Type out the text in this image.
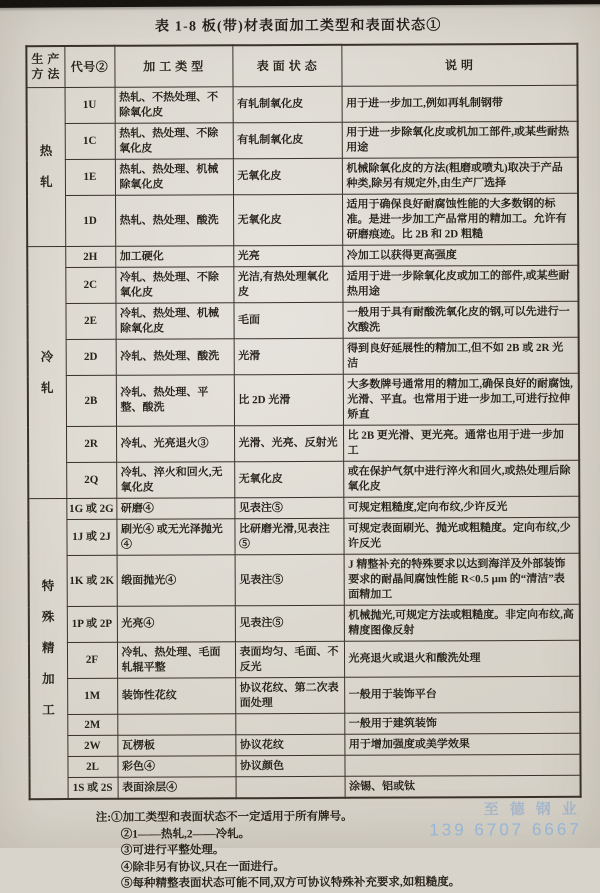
表 1-8 板(带)材表面加工类型和表面状态①
生 产 方 法	代号②	加 工 类 型	表 面 状 态	说 明

热
轧	1U	热轧、不热处理、不除氧化皮	有轧制氧化皮	用于进一步加工,例如再轧制钢带
	1C	热轧、热处理、不除氧化皮	有轧制氧化皮	用于进一步除氧化皮或机加工部件,或某些耐热用途
	1E	热轧、热处理、机械除氧化皮	无氧化皮	机械除氧化皮的方法(粗磨或喷丸)取决于产品种类,除另有规定外,由生产厂选择
	1D	热轧、热处理、酸洗	无氧化皮	适用于确保良好耐腐蚀性能的大多数钢的标准。是进一步加工产品常用的精加工。允许有研磨痕迹。比 2B 和 2D 粗糙

冷
轧	2H	加工硬化	光亮	冷加工以获得更高强度
	2C	冷轧、热处理、不除氧化皮	光洁,有热处理氧化皮	适用于进一步除氧化皮或加工的部件,或某些耐热用途
	2E	冷轧、热处理、机械除氧化皮	毛面	一般用于具有耐酸洗氧化皮的钢,可以先进行一次酸洗
	2D	冷轧、热处理、酸洗	光滑	得到良好延展性的精加工,但不如 2B 或 2R 光洁
	2B	冷轧、热处理、平整、酸洗	比 2D 光滑	大多数牌号通常用的精加工,确保良好的耐腐蚀,光滑、平直。也常用于进一步加工,可进行拉伸矫直
	2R	冷轧、光亮退火③	光滑、光亮、反射光	比 2B 更光滑、更光亮。通常也用于进一步加工
	2Q	冷轧、淬火和回火,无氧化皮	无氧化皮	或在保护气氛中进行淬火和回火,或热处理后除氧化皮

特
殊
精
加
工	1G 或 2G	研磨④	见表注⑤	可规定粗糙度,定向布纹,少许反光
	1J 或 2J	刷光④ 或无光泽抛光④	比研磨光滑,见表注⑤	可规定表面刷光、抛光或粗糙度。定向布纹,少许反光
	1K 或 2K	缎面抛光④	见表注⑤	J 精整补充的特殊要求以达到海洋及外部装饰要求的耐晶间腐蚀性能 R<0.5 μm 的“清洁”表面精加工
	1P 或 2P	光亮④	见表注⑤	机械抛光,可规定方法或粗糙度。非定向布纹,高精度图像反射
	2F	冷轧、热处理、毛面轧辊平整	表面均匀、毛面、不反光	光亮退火或退火和酸洗处理
	1M	装饰性花纹	协议花纹、第二次表面处理	一般用于装饰平台
	2M			一般用于建筑装饰
	2W	瓦楞板	协议花纹	用于增加强度或美学效果
	2L	彩色④	协议颜色	
	1S 或 2S	表面涂层④		涂锡、铝或钛
注:①加工类型和表面状态不一定适用于所有牌号。
②1——热轧,2——冷轧。
③可进行平整处理。
④除非另有协议,只在一面进行。
⑤每种精整表面状态可能不同,双方可协议特殊补充要求,如粗糙度。
至德钢业
139 6707 6667
